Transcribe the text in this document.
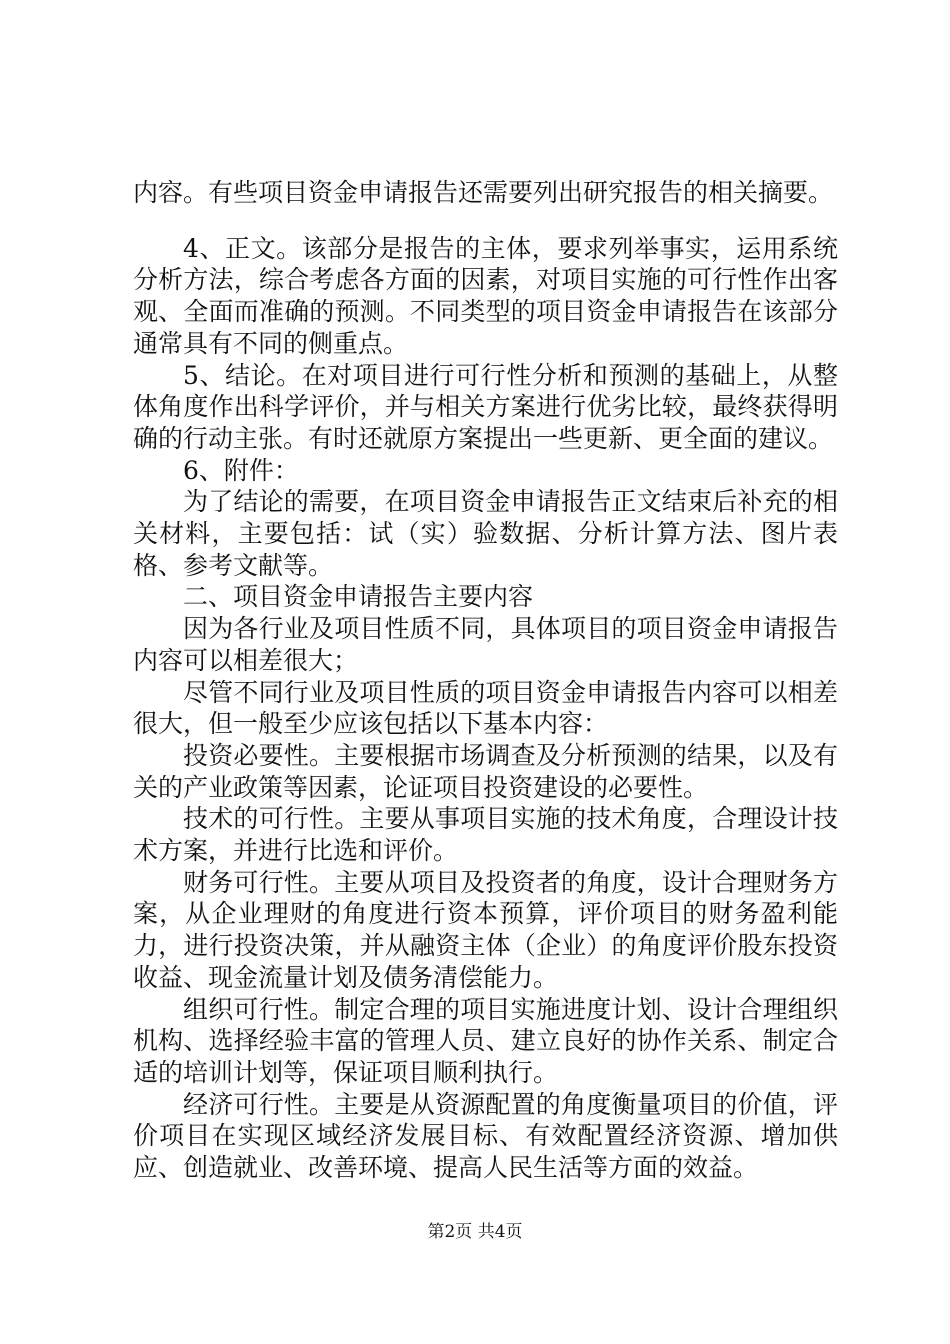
内容。有些项目资金申请报告还需要列出研究报告的相关摘要。

4、正文。该部分是报告的主体，要求列举事实，运用系统分析方法，综合考虑各方面的因素，对项目实施的可行性作出客观、全面而准确的预测。不同类型的项目资金申请报告在该部分通常具有不同的侧重点。

5、结论。在对项目进行可行性分析和预测的基础上，从整体角度作出科学评价，并与相关方案进行优劣比较，最终获得明确的行动主张。有时还就原方案提出一些更新、更全面的建议。

6、附件：

为了结论的需要，在项目资金申请报告正文结束后补充的相关材料，主要包括：试（实）验数据、分析计算方法、图片表格、参考文献等。

二、项目资金申请报告主要内容

因为各行业及项目性质不同，具体项目的项目资金申请报告内容可以相差很大；

尽管不同行业及项目性质的项目资金申请报告内容可以相差很大，但一般至少应该包括以下基本内容：

投资必要性。主要根据市场调查及分析预测的结果，以及有关的产业政策等因素，论证项目投资建设的必要性。

技术的可行性。主要从事项目实施的技术角度，合理设计技术方案，并进行比选和评价。

财务可行性。主要从项目及投资者的角度，设计合理财务方案，从企业理财的角度进行资本预算，评价项目的财务盈利能力，进行投资决策，并从融资主体（企业）的角度评价股东投资收益、现金流量计划及债务清偿能力。

组织可行性。制定合理的项目实施进度计划、设计合理组织机构、选择经验丰富的管理人员、建立良好的协作关系、制定合适的培训计划等，保证项目顺利执行。

经济可行性。主要是从资源配置的角度衡量项目的价值，评价项目在实现区域经济发展目标、有效配置经济资源、增加供应、创造就业、改善环境、提高人民生活等方面的效益。

第2页 共4页
